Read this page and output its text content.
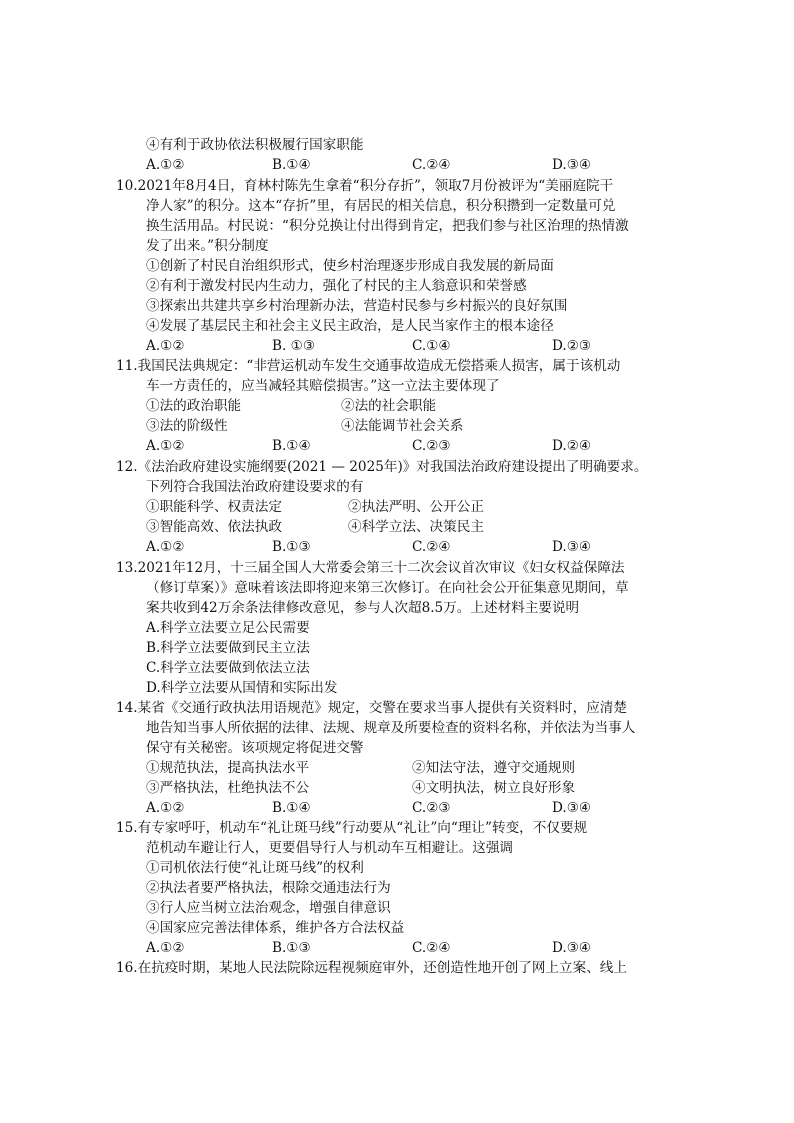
④有利于政协依法积极履行国家职能
A.①②	B.①④	C.②④	D.③④
10.2021年8月4日，育林村陈先生拿着“积分存折”，领取7月份被评为“美丽庭院干
净人家”的积分。这本“存折”里，有居民的相关信息，积分积攒到一定数量可兑
换生活用品。村民说：“积分兑换让付出得到肯定，把我们参与社区治理的热情激
发了出来。”积分制度
①创新了村民自治组织形式，使乡村治理逐步形成自我发展的新局面
②有利于激发村民内生动力，强化了村民的主人翁意识和荣誉感
③探索出共建共享乡村治理新办法，营造村民参与乡村振兴的良好氛围
④发展了基层民主和社会主义民主政治，是人民当家作主的根本途径
A.①②	B. ①③	C.①④	D.②③
11.我国民法典规定：“非营运机动车发生交通事故造成无偿搭乘人损害，属于该机动
车一方责任的，应当减轻其赔偿损害。”这一立法主要体现了
①法的政治职能	②法的社会职能
③法的阶级性	④法能调节社会关系
A.①②	B.①④	C.②③	D.②④
12.《法治政府建设实施纲要(2021 — 2025年)》对我国法治政府建设提出了明确要求。
下列符合我国法治政府建设要求的有
①职能科学、权责法定	②执法严明、公开公正
③智能高效、依法执政	④科学立法、决策民主
A.①②	B.①③	C.②④	D.③④
13.2021年12月，十三届全国人大常委会第三十二次会议首次审议《妇女权益保障法
（修订草案）》意味着该法即将迎来第三次修订。在向社会公开征集意见期间，草
案共收到42万余条法律修改意见，参与人次超8.5万。上述材料主要说明
A.科学立法要立足公民需要
B.科学立法要做到民主立法
C.科学立法要做到依法立法
D.科学立法要从国情和实际出发
14.某省《交通行政执法用语规范》规定，交警在要求当事人提供有关资料时，应清楚
地告知当事人所依据的法律、法规、规章及所要检查的资料名称，并依法为当事人
保守有关秘密。该项规定将促进交警
①规范执法，提高执法水平	②知法守法，遵守交通规则
③严格执法，杜绝执法不公	④文明执法，树立良好形象
A.①②	B.①④	C.②③	D.③④
15.有专家呼吁，机动车“礼让斑马线”行动要从“礼让”向“理让”转变，不仅要规
范机动车避让行人，更要倡导行人与机动车互相避让。这强调
①司机依法行使“礼让斑马线”的权利
②执法者要严格执法，根除交通违法行为
③行人应当树立法治观念，增强自律意识
④国家应完善法律体系，维护各方合法权益
A.①②	B.①③	C.②④	D.③④
16.在抗疫时期，某地人民法院除远程视频庭审外，还创造性地开创了网上立案、线上
